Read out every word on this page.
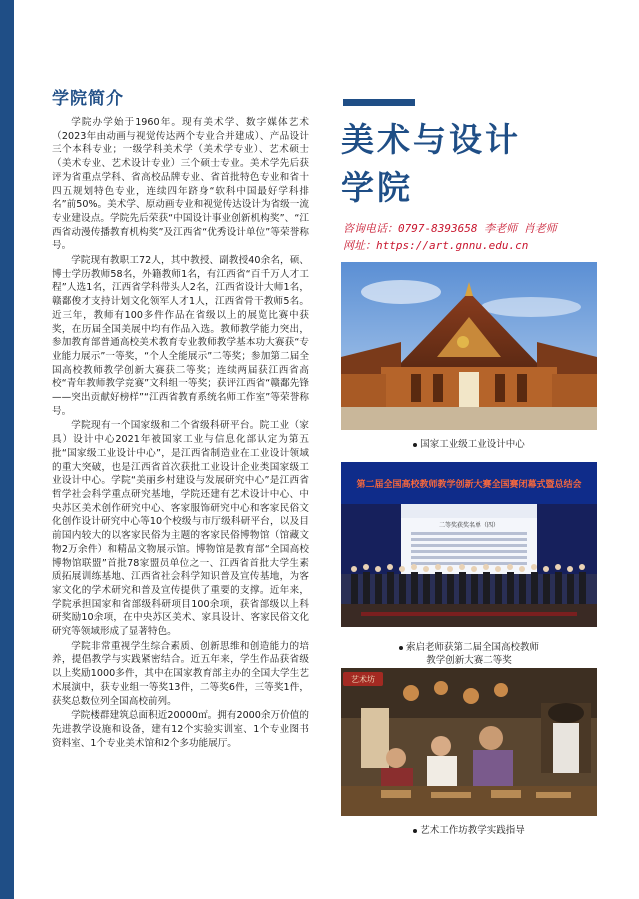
学院简介

学院办学始于1960年。现有美术学、数字媒体艺术（2023年由动画与视觉传达两个专业合并建成）、产品设计三个本科专业；一级学科美术学（美术学专业）、艺术硕士（美术专业、艺术设计专业）三个硕士专业。美术学先后获评为省重点学科、省高校品牌专业、省首批特色专业和省十四五规划特色专业，连续四年跻身“软科中国最好学科排名”前50%。美术学、原动画专业和视觉传达设计为省级一流专业建设点。学院先后荣获“中国设计事业创新机构奖”、“江西省动漫传播教育机构奖”及江西省“优秀设计单位”等荣誉称号。

学院现有教职工72人，其中教授、副教授40余名，硕、博士学历教师58名，外籍教师1名，有江西省“百千万人才工程”人选1名，江西省学科带头人2名，江西省设计大师1名，赣鄱俊才支持计划文化领军人才1人，江西省骨干教师5名。近三年，教师有100多件作品在省级以上的展览比赛中获奖，在历届全国美展中均有作品入选。教师教学能力突出，参加教育部普通高校美术教育专业教师教学基本功大赛获“专业能力展示”一等奖，“个人全能展示”二等奖；参加第二届全国高校教师教学创新大赛获二等奖；连续两届获江西省高校“青年教师教学竞赛”文科组一等奖；获评江西省“赣鄱先锋——突出贡献好榜样”“江西省教育系统名师工作室”等荣誉称号。

学院现有一个国家级和二个省级科研平台。院工业（家具）设计中心2021年被国家工业与信息化部认定为第五批“国家级工业设计中心”，是江西省制造业在工业设计领域的重大突破，也是江西省首次获批工业设计企业类国家级工业设计中心。学院“美丽乡村建设与发展研究中心”是江西省哲学社会科学重点研究基地，学院还建有艺术设计中心、中央苏区美术创作研究中心、客家服饰研究中心和客家民俗文化创作设计研究中心等10个校级与市厅级科研平台，以及目前国内较大的以客家民俗为主题的客家民俗博物馆（馆藏文物2万余件）和精品文物展示馆。博物馆是教育部“全国高校博物馆联盟”首批78家盟员单位之一、江西省首批大学生素质拓展训练基地、江西省社会科学知识普及宣传基地，为客家文化的学术研究和普及宣传提供了重要的支撑。近年来，学院承担国家和省部级科研项目100余项，获省部级以上科研奖励10余项，在中央苏区美术、家具设计、客家民俗文化研究等领域形成了显著特色。

学院非常重视学生综合素质、创新思维和创造能力的培养，提倡教学与实践紧密结合。近五年来，学生作品获省级以上奖励1000多件，其中在国家教育部主办的全国大学生艺术展演中，获专业组一等奖13件，二等奖6件，三等奖1件，获奖总数位列全国高校前列。

学院楼群建筑总面积近20000㎡。拥有2000余万价值的先进教学设施和设备，建有12个实验实训室、1个专业图书资料室、1个专业美术馆和2个多功能展厅。

美术与设计
学院
咨询电话：0797-8393658 李老师 肖老师
网址：https://art.gnnu.edu.cn
国家工业级工业设计中心
第二届全国高校教师教学创新大赛全国赛闭幕式暨总结会
二等奖获奖名单（四）
索启老师获第二届全国高校教师
教学创新大赛二等奖
艺术坊
艺术工作坊教学实践指导
